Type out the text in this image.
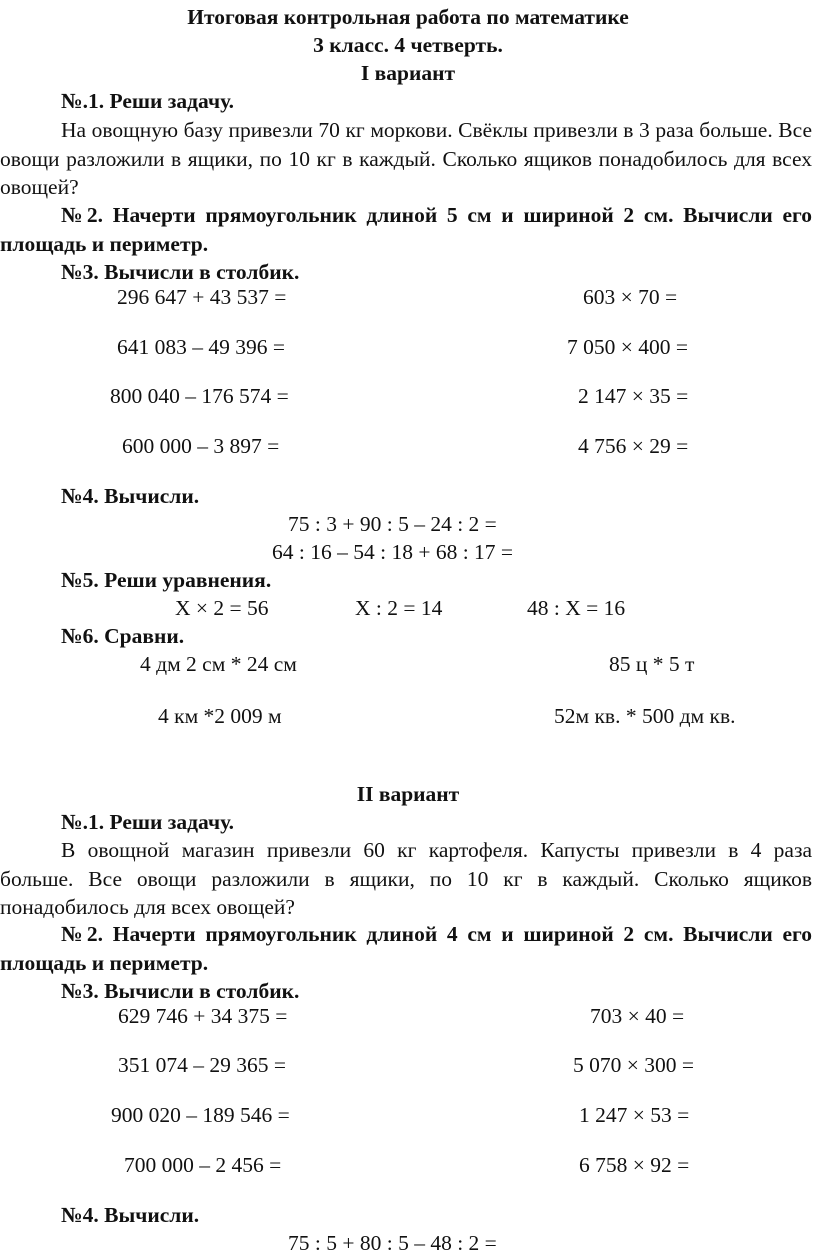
Итоговая контрольная работа по математике
3 класс. 4 четверть.
I вариант
№.1. Реши задачу.
На овощную базу привезли 70 кг моркови. Свёклы привезли в 3 раза больше. Все овощи разложили в ящики, по 10 кг в каждый. Сколько ящиков понадобилось для всех овощей?
№2. Начерти прямоугольник длиной 5 см и шириной 2 см. Вычисли его площадь и периметр.
№3. Вычисли в столбик.
296 647 + 43 537 =	603 × 70 =
641 083 – 49 396 =	7 050 × 400 =
800 040 – 176 574 =	2 147 × 35 =
600 000 – 3 897 =	4 756 × 29 =
№4. Вычисли.
75 : 3 + 90 : 5 – 24 : 2 =
64 : 16 – 54 : 18 + 68 : 17 =
№5. Реши уравнения.
Х × 2 = 56	Х : 2 = 14	48 : Х = 16
№6. Сравни.
4 дм 2 см * 24 см	85 ц * 5 т
4 км *2 009 м	52м кв. * 500 дм кв.
II вариант
№.1. Реши задачу.
В овощной магазин привезли 60 кг картофеля. Капусты привезли в 4 раза больше. Все овощи разложили в ящики, по 10 кг в каждый. Сколько ящиков понадобилось для всех овощей?
№2. Начерти прямоугольник длиной 4 см и шириной 2 см. Вычисли его площадь и периметр.
№3. Вычисли в столбик.
629 746 + 34 375 =	703 × 40 =
351 074 – 29 365 =	5 070 × 300 =
900 020 – 189 546 =	1 247 × 53 =
700 000 – 2 456 =	6 758 × 92 =
№4. Вычисли.
75 : 5 + 80 : 5 – 48 : 2 =
